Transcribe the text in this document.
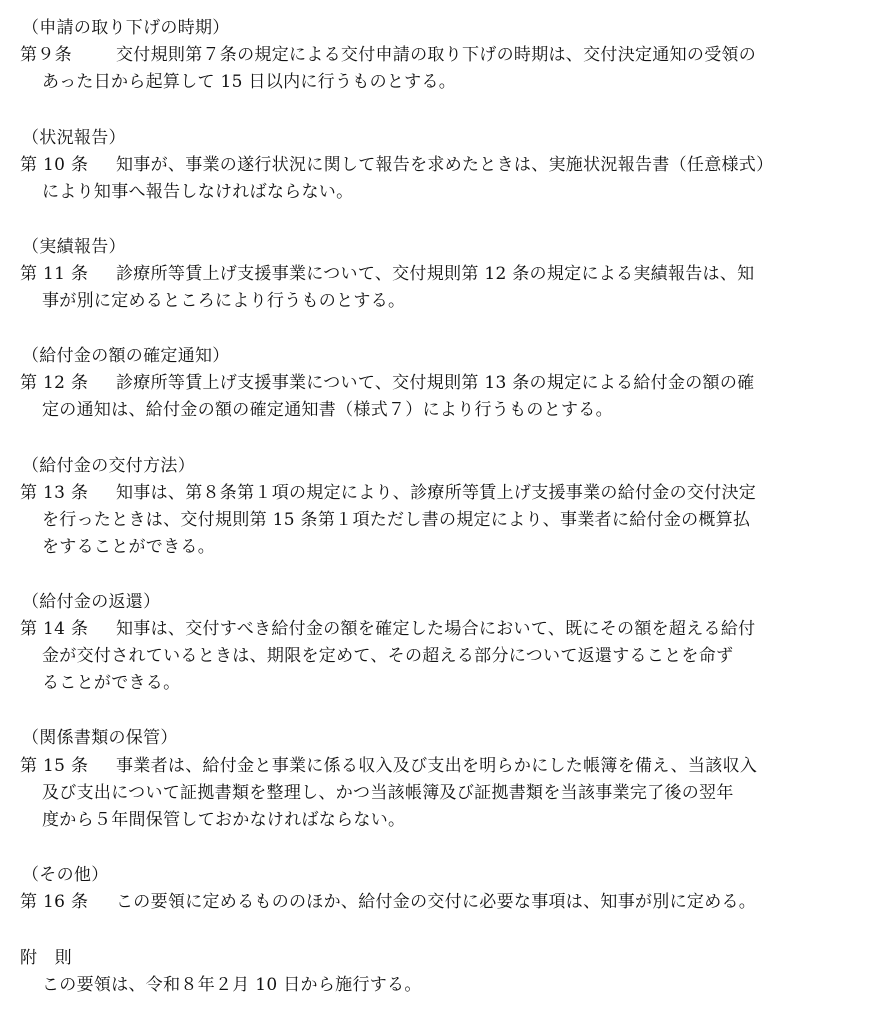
（申請の取り下げの時期）
第９条	交付規則第７条の規定による交付申請の取り下げの時期は、交付決定通知の受領の
あった日から起算して 15 日以内に行うものとする。
（状況報告）
第 10 条 知事が、事業の遂行状況に関して報告を求めたときは、実施状況報告書（任意様式）
により知事へ報告しなければならない。
（実績報告）
第 11 条 診療所等賃上げ支援事業について、交付規則第 12 条の規定による実績報告は、知
事が別に定めるところにより行うものとする。
（給付金の額の確定通知）
第 12 条 診療所等賃上げ支援事業について、交付規則第 13 条の規定による給付金の額の確
定の通知は、給付金の額の確定通知書（様式７）により行うものとする。
（給付金の交付方法）
第 13 条 知事は、第８条第１項の規定により、診療所等賃上げ支援事業の給付金の交付決定
を行ったときは、交付規則第 15 条第１項ただし書の規定により、事業者に給付金の概算払
をすることができる。
（給付金の返還）
第 14 条 知事は、交付すべき給付金の額を確定した場合において、既にその額を超える給付
金が交付されているときは、期限を定めて、その超える部分について返還することを命ず
ることができる。
（関係書類の保管）
第 15 条 事業者は、給付金と事業に係る収入及び支出を明らかにした帳簿を備え、当該収入
及び支出について証拠書類を整理し、かつ当該帳簿及び証拠書類を当該事業完了後の翌年
度から５年間保管しておかなければならない。
（その他）
第 16 条 この要領に定めるもののほか、給付金の交付に必要な事項は、知事が別に定める。
附　則
この要領は、令和８年２月 10 日から施行する。
